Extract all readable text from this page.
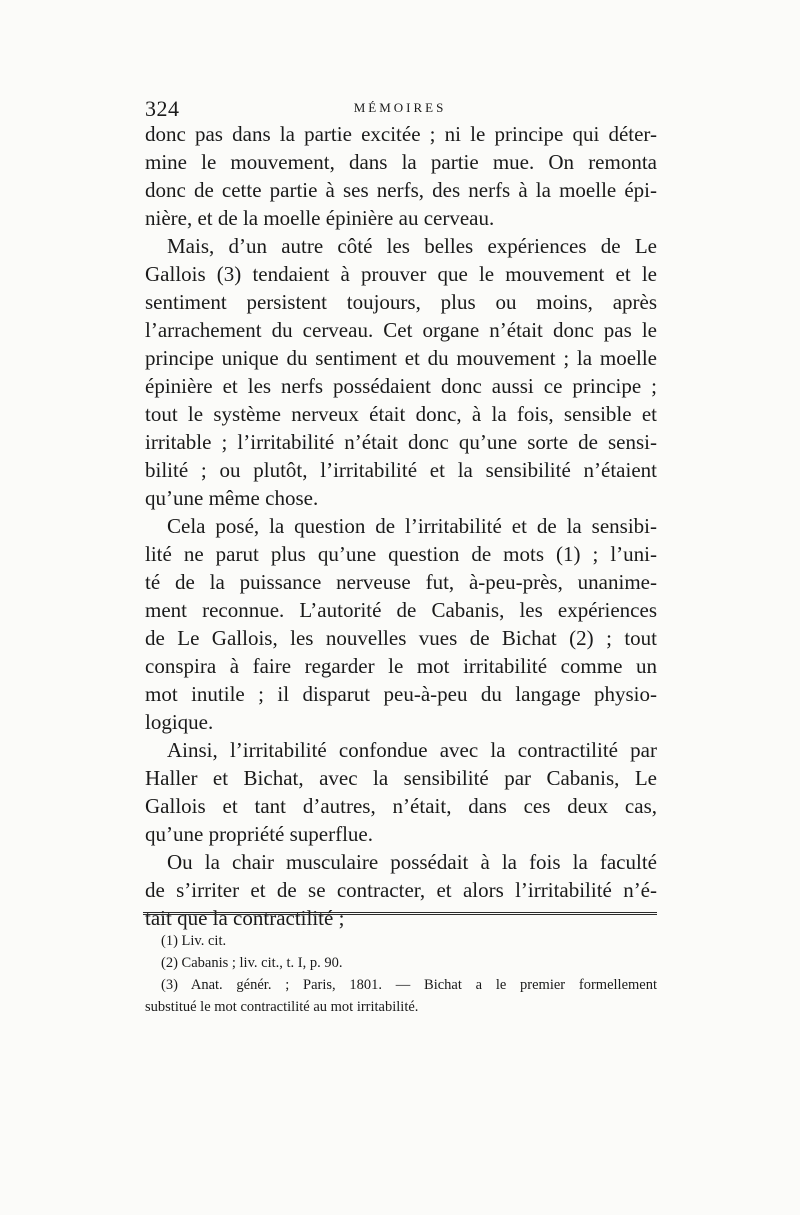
324	MÉMOIRES
donc pas dans la partie excitée ; ni le principe qui déter-
mine le mouvement, dans la partie mue. On remonta
donc de cette partie à ses nerfs, des nerfs à la moelle épi-
nière, et de la moelle épinière au cerveau.
Mais, d’un autre côté les belles expériences de Le
Gallois (3) tendaient à prouver que le mouvement et le
sentiment persistent toujours, plus ou moins, après
l’arrachement du cerveau. Cet organe n’était donc pas le
principe unique du sentiment et du mouvement ; la moelle
épinière et les nerfs possédaient donc aussi ce principe ;
tout le système nerveux était donc, à la fois, sensible et
irritable ; l’irritabilité n’était donc qu’une sorte de sensi-
bilité ; ou plutôt, l’irritabilité et la sensibilité n’étaient
qu’une même chose.
Cela posé, la question de l’irritabilité et de la sensibi-
lité ne parut plus qu’une question de mots (1) ; l’uni-
té de la puissance nerveuse fut, à-peu-près, unanime-
ment reconnue. L’autorité de Cabanis, les expériences
de Le Gallois, les nouvelles vues de Bichat (2) ; tout
conspira à faire regarder le mot irritabilité comme un
mot inutile ; il disparut peu-à-peu du langage physio-
logique.
Ainsi, l’irritabilité confondue avec la contractilité par
Haller et Bichat, avec la sensibilité par Cabanis, Le
Gallois et tant d’autres, n’était, dans ces deux cas,
qu’une propriété superflue.
Ou la chair musculaire possédait à la fois la faculté
de s’irriter et de se contracter, et alors l’irritabilité n’é-
tait que la contractilité ;
(1) Liv. cit.
(2) Cabanis ; liv. cit., t. I, p. 90.
(3) Anat. génér. ; Paris, 1801. — Bichat a le premier formellement
substitué le mot contractilité au mot irritabilité.
